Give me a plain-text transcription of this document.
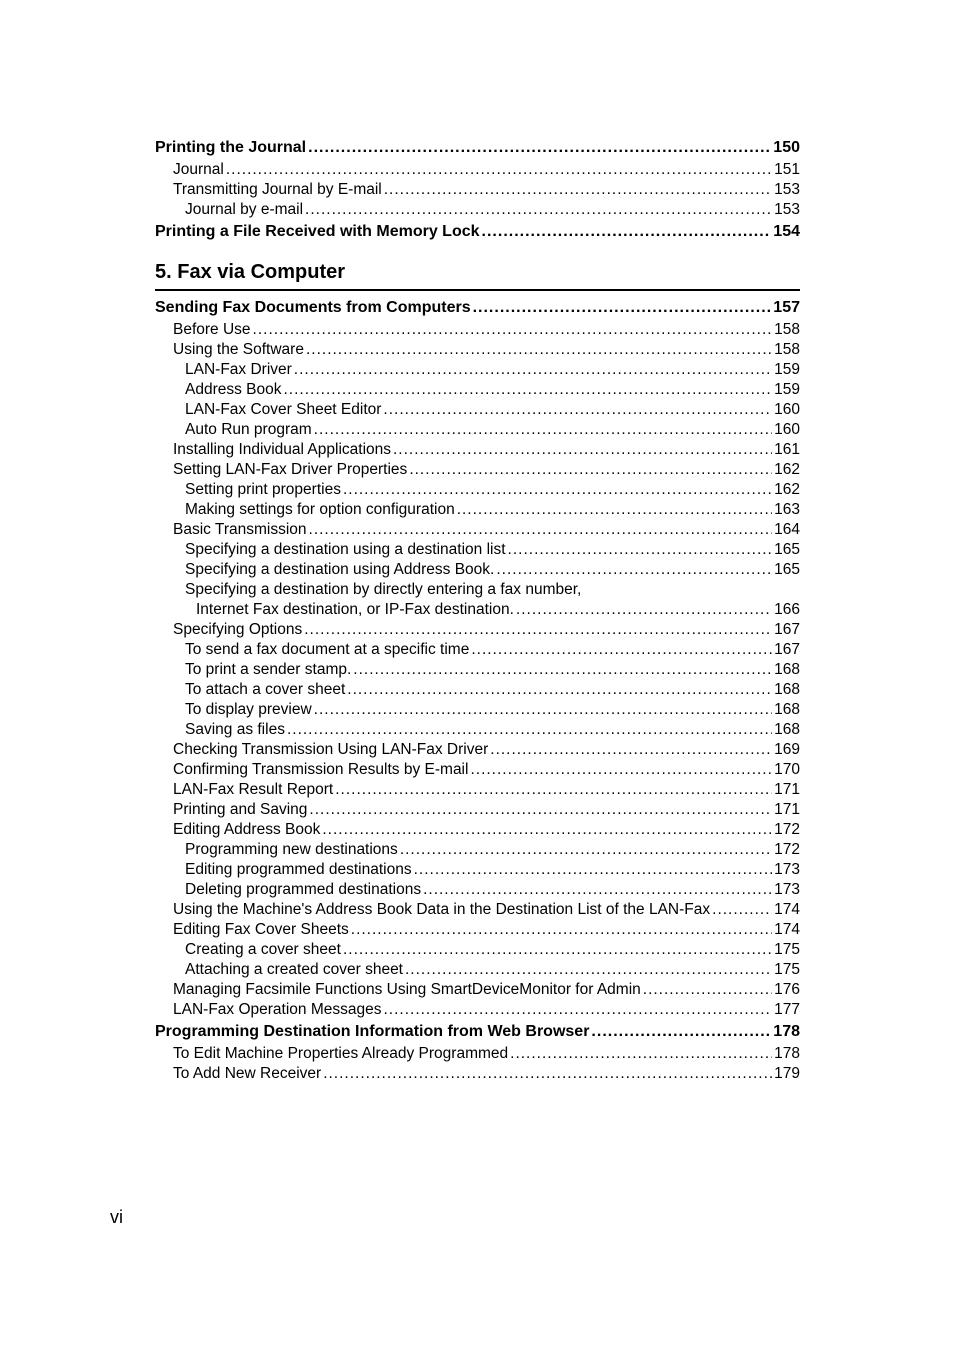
Printing the Journal .....	150
Journal .....	151
Transmitting Journal by E-mail .....	153
Journal by e-mail .....	153
Printing a File Received with Memory Lock .....	154
5. Fax via Computer
Sending Fax Documents from Computers .....	157
Before Use .....	158
Using the Software .....	158
LAN-Fax Driver .....	159
Address Book .....	159
LAN-Fax Cover Sheet Editor .....	160
Auto Run program .....	160
Installing Individual Applications .....	161
Setting LAN-Fax Driver Properties .....	162
Setting print properties .....	162
Making settings for option configuration .....	163
Basic Transmission .....	164
Specifying a destination using a destination list .....	165
Specifying a destination using Address Book. .....	165
Specifying a destination by directly entering a fax number,
Internet Fax destination, or IP-Fax destination. .....	166
Specifying Options .....	167
To send a fax document at a specific time .....	167
To print a sender stamp. .....	168
To attach a cover sheet .....	168
To display preview .....	168
Saving as files .....	168
Checking Transmission Using LAN-Fax Driver .....	169
Confirming Transmission Results by E-mail .....	170
LAN-Fax Result Report .....	171
Printing and Saving .....	171
Editing Address Book .....	172
Programming new destinations .....	172
Editing programmed destinations .....	173
Deleting programmed destinations .....	173
Using the Machine's Address Book Data in the Destination List of the LAN-Fax .....	174
Editing Fax Cover Sheets .....	174
Creating a cover sheet .....	175
Attaching a created cover sheet .....	175
Managing Facsimile Functions Using SmartDeviceMonitor for Admin .....	176
LAN-Fax Operation Messages .....	177
Programming Destination Information from Web Browser .....	178
To Edit Machine Properties Already Programmed .....	178
To Add New Receiver .....	179
vi
